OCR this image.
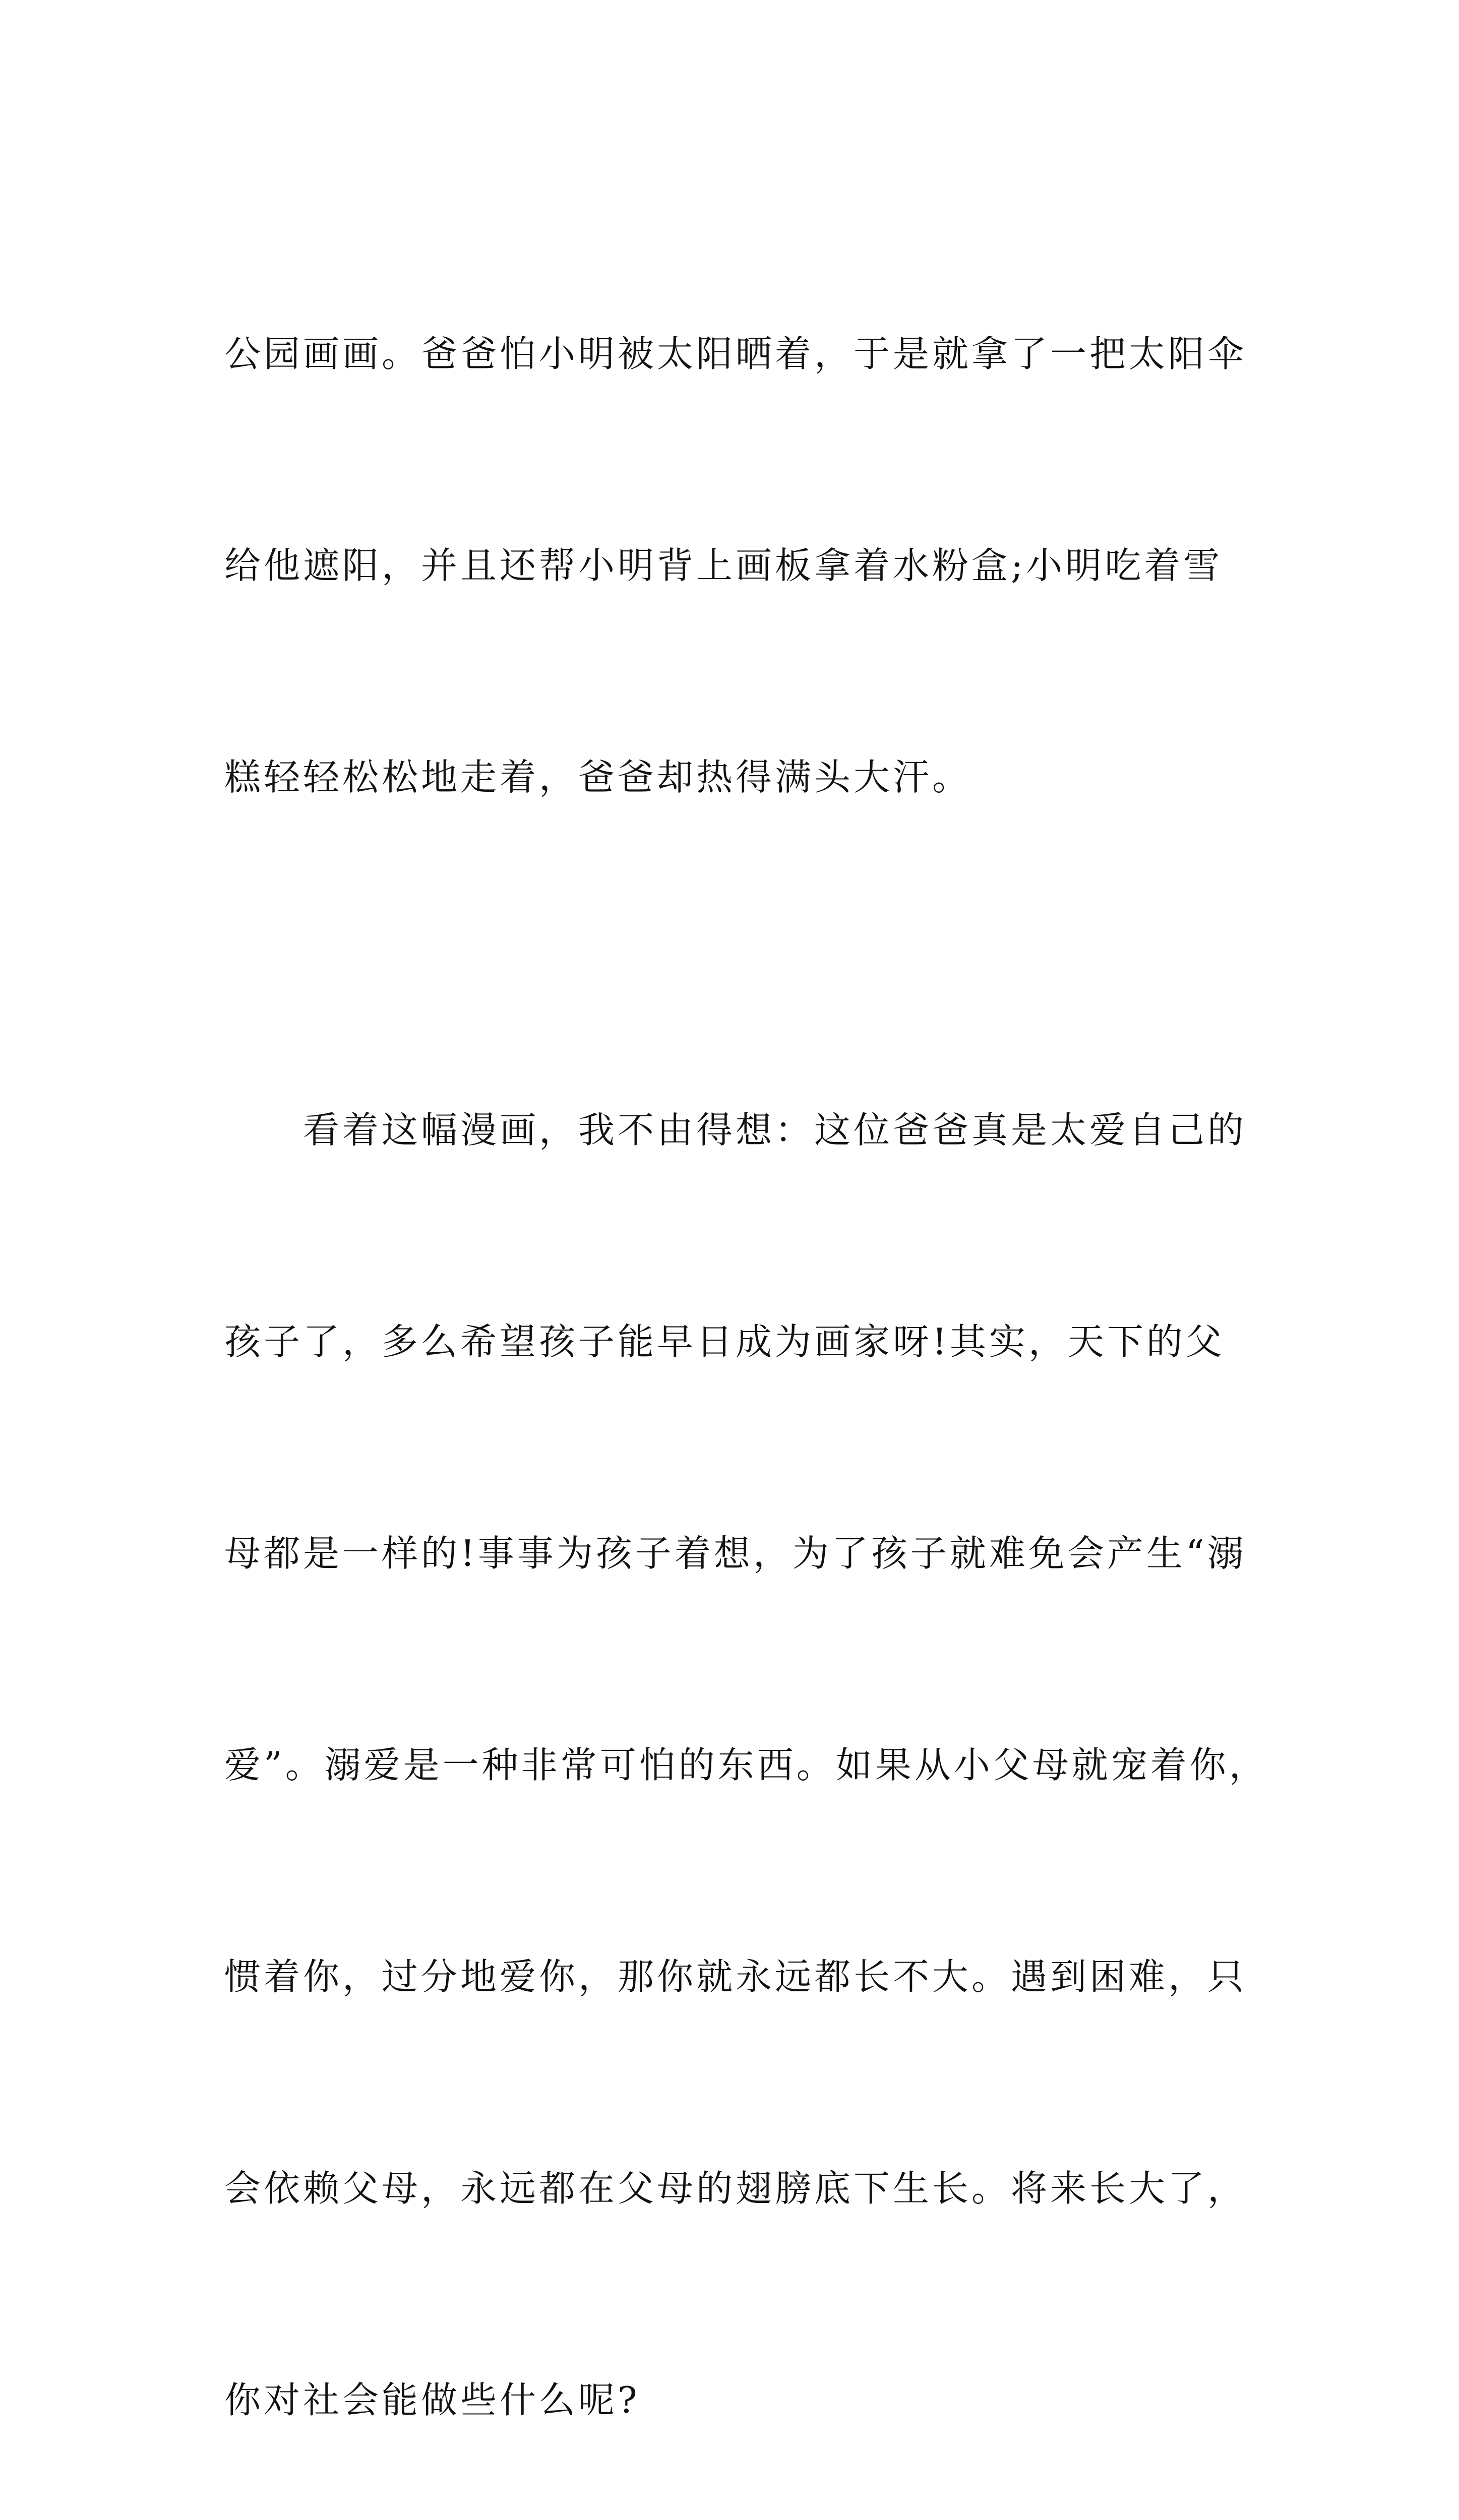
公园画画。爸爸怕小明被太阳晒着，于是就拿了一把太阳伞

给他遮阳，并且还帮小明背上画板拿着水粉盒;小明吃着雪

糕轻轻松松地走着，爸爸却热得满头大汗。

　　看着这幅漫画，我不由得想：这位爸爸真是太爱自己的

孩子了，多么希望孩子能早日成为画家呀!其实，天下的父

母都是一样的!事事为孩子着想，为了孩子就难免会产生“溺

爱”。溺爱是一种非常可怕的东西。如果从小父母就宠着你，

惯着你，过分地爱你，那你就永远都长不大。遇到困难，只

会依赖父母，永远都在父母的翅膀底下生长。将来长大了，

你对社会能做些什么呢?
